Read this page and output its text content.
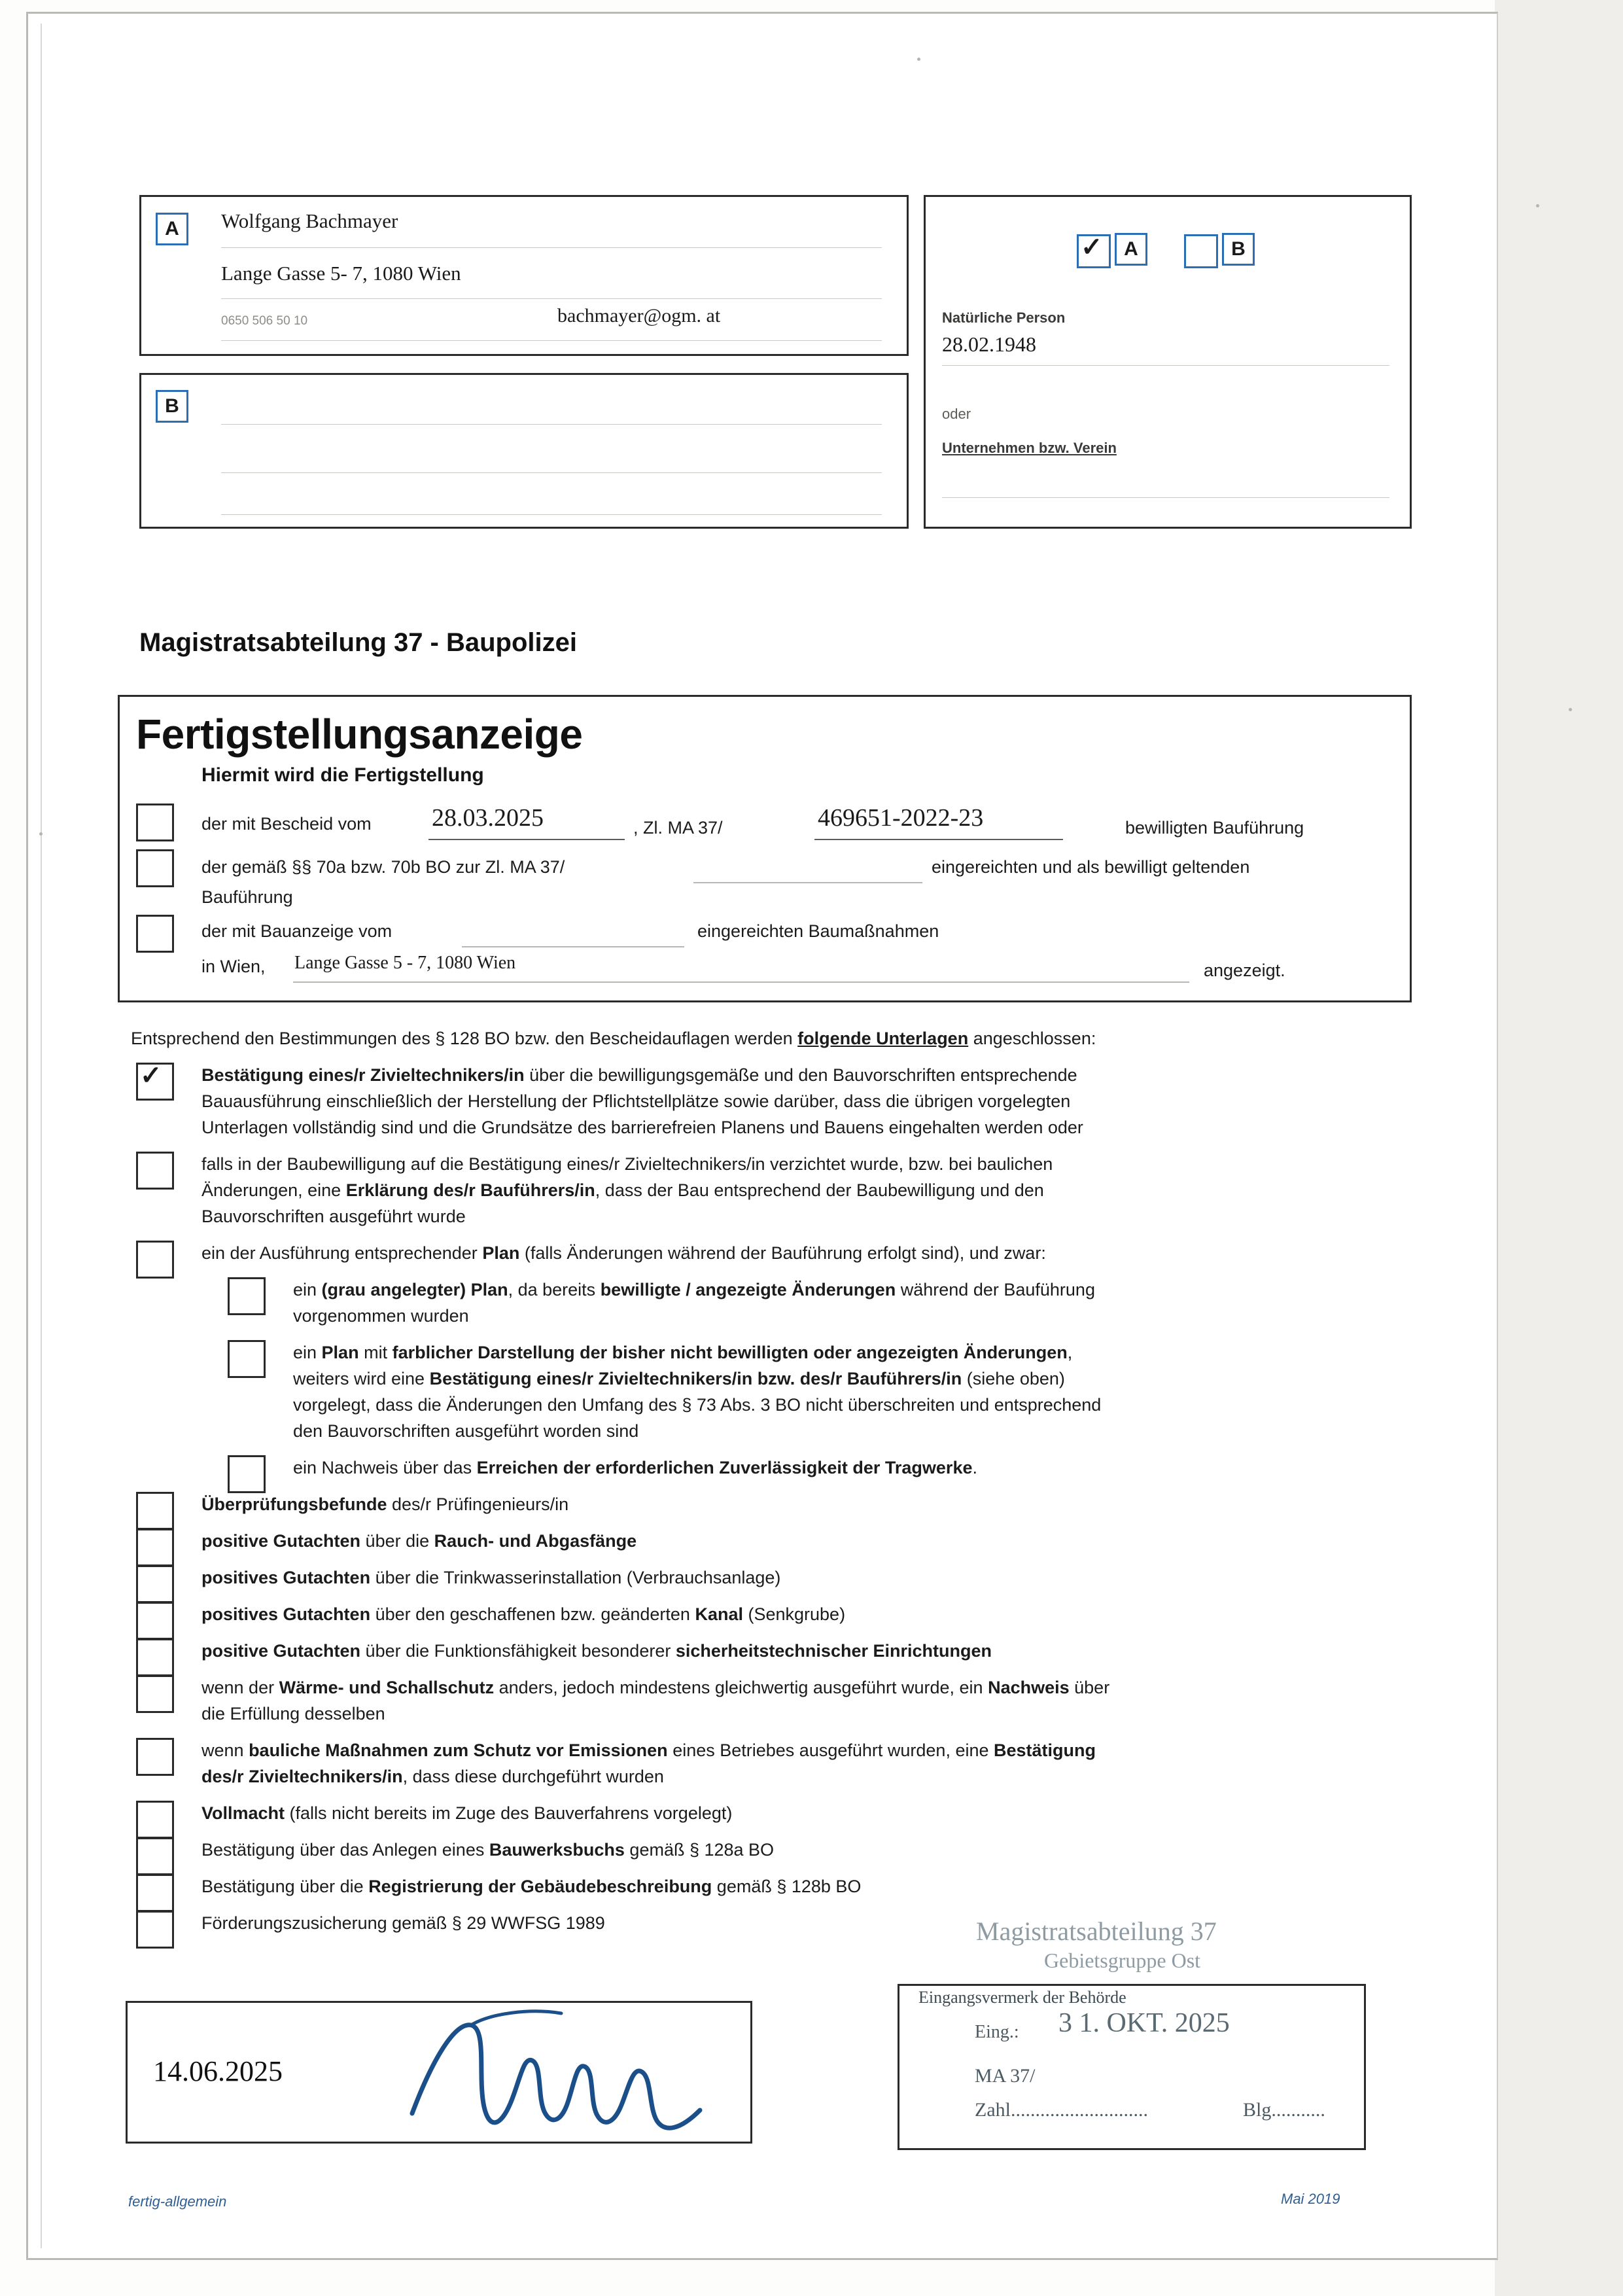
A	Wolfgang Bachmayer
Lange Gasse 5- 7, 1080 Wien
0650 506 50 10	bachmayer@ogm. at
B
✓	A	B
Natürliche Person
28.02.1948
oder
Unternehmen bzw. Verein
Magistratsabteilung 37 - Baupolizei
Fertigstellungsanzeige
Hiermit wird die Fertigstellung
der mit Bescheid vom 28.03.2025	, Zl. MA 37/	469651-2022-23	bewilligten Bauführung
der gemäß §§ 70a bzw. 70b BO zur Zl. MA 37/	eingereichten und als bewilligt geltenden
Bauführung
der mit Bauanzeige vom	eingereichten Baumaßnahmen
in Wien, Lange Gasse 5 - 7, 1080 Wien	angezeigt.
Entsprechend den Bestimmungen des § 128 BO bzw. den Bescheidauflagen werden folgende Unterlagen angeschlossen:
✓ Bestätigung eines/r Zivieltechnikers/in über die bewilligungsgemäße und den Bauvorschriften entsprechende
Bauausführung einschließlich der Herstellung der Pflichtstellplätze sowie darüber, dass die übrigen vorgelegten
Unterlagen vollständig sind und die Grundsätze des barrierefreien Planens und Bauens eingehalten werden oder
falls in der Baubewilligung auf die Bestätigung eines/r Zivieltechnikers/in verzichtet wurde, bzw. bei baulichen
Änderungen, eine Erklärung des/r Bauführers/in, dass der Bau entsprechend der Baubewilligung und den
Bauvorschriften ausgeführt wurde
ein der Ausführung entsprechender Plan (falls Änderungen während der Bauführung erfolgt sind), und zwar:
ein (grau angelegter) Plan, da bereits bewilligte / angezeigte Änderungen während der Bauführung
vorgenommen wurden
ein Plan mit farblicher Darstellung der bisher nicht bewilligten oder angezeigten Änderungen,
weiters wird eine Bestätigung eines/r Zivieltechnikers/in bzw. des/r Bauführers/in (siehe oben)
vorgelegt, dass die Änderungen den Umfang des § 73 Abs. 3 BO nicht überschreiten und entsprechend
den Bauvorschriften ausgeführt worden sind
ein Nachweis über das Erreichen der erforderlichen Zuverlässigkeit der Tragwerke.
Überprüfungsbefunde des/r Prüfingenieurs/in
positive Gutachten über die Rauch- und Abgasfänge
positives Gutachten über die Trinkwasserinstallation (Verbrauchsanlage)
positives Gutachten über den geschaffenen bzw. geänderten Kanal (Senkgrube)
positive Gutachten über die Funktionsfähigkeit besonderer sicherheitstechnischer Einrichtungen
wenn der Wärme- und Schallschutz anders, jedoch mindestens gleichwertig ausgeführt wurde, ein Nachweis über
die Erfüllung desselben
wenn bauliche Maßnahmen zum Schutz vor Emissionen eines Betriebes ausgeführt wurden, eine Bestätigung
des/r Zivieltechnikers/in, dass diese durchgeführt wurden
Vollmacht (falls nicht bereits im Zuge des Bauverfahrens vorgelegt)
Bestätigung über das Anlegen eines Bauwerksbuchs gemäß § 128a BO
Bestätigung über die Registrierung der Gebäudebeschreibung gemäß § 128b BO
Förderungszusicherung gemäß § 29 WWFSG 1989
14.06.2025
Magistratsabteilung 37
Gebietsgruppe Ost
Eingangsvermerk der Behörde
Eing.: 3 1. OKT. 2025
MA 37/
Zahl............................	Blg...........
fertig-allgemein	Mai 2019
